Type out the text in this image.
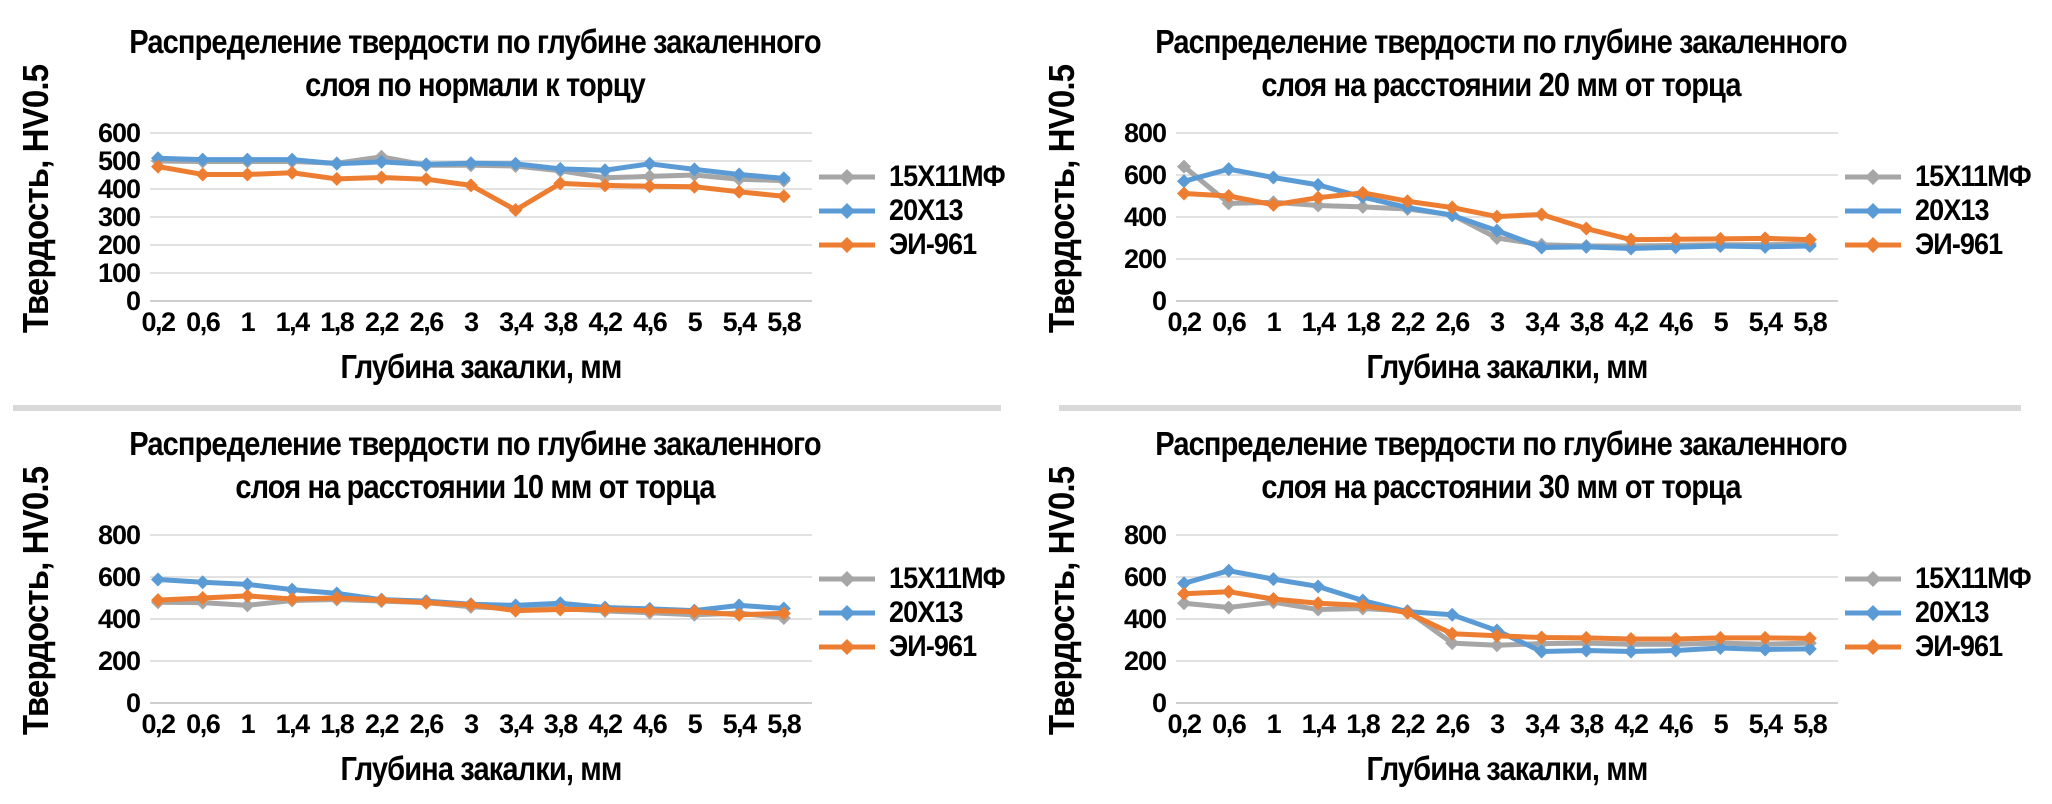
Распределение твердости по глубине закаленного
слоя по нормали к торцу
Твердость, HV0.5	0
100
200
300
400
500
600
0,2 0,6 1 1,4 1,8 2,2 2,6 3 3,4 3,8 4,2 4,6 5 5,4 5,8
15Х11МФ
20Х13
ЭИ-961
Глубина закалки, мм
Распределение твердости по глубине закаленного
слоя на расстоянии 20 мм от торца
Твердость, HV0.5	0
200
400
600
800
0,2 0,6 1 1,4 1,8 2,2 2,6 3 3,4 3,8 4,2 4,6 5 5,4 5,8
15Х11МФ
20Х13
ЭИ-961
Глубина закалки, мм
Распределение твердости по глубине закаленного
слоя на расстоянии 10 мм от торца
Твердость, HV0.5	0
200
400
600
800
0,2 0,6 1 1,4 1,8 2,2 2,6 3 3,4 3,8 4,2 4,6 5 5,4 5,8
15Х11МФ
20Х13
ЭИ-961
Глубина закалки, мм
Распределение твердости по глубине закаленного
слоя на расстоянии 30 мм от торца
Твердость, HV0.5	0
200
400
600
800
0,2 0,6 1 1,4 1,8 2,2 2,6 3 3,4 3,8 4,2 4,6 5 5,4 5,8
15Х11МФ
20Х13
ЭИ-961
Глубина закалки, мм
